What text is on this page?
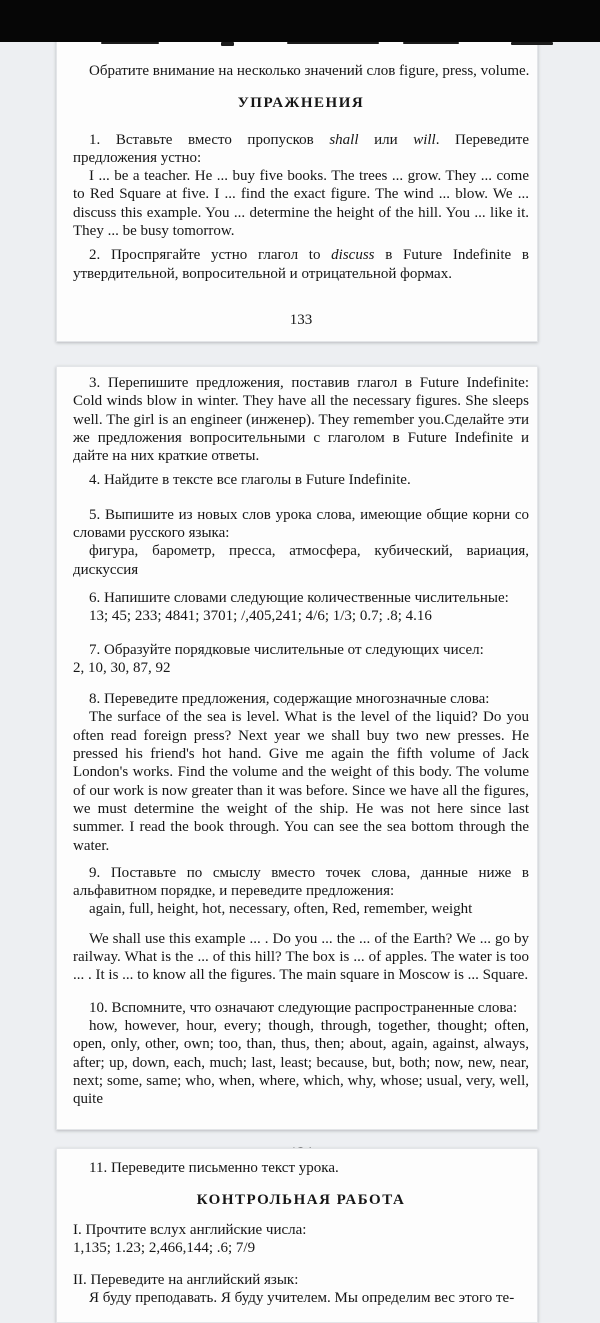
Обратите внимание на несколько значений слов figure, press, volume.

УПРАЖНЕНИЯ

1. Вставьте вместо пропусков shall или will. Переведите предложения устно:

I ... be a teacher. He ... buy five books. The trees ... grow. They ... come to Red Square at five. I ... find the exact figure. The wind ... blow. We ... discuss this example. You ... determine the height of the hill. You ... like it. They ... be busy tomorrow.

2. Проспрягайте устно глагол to discuss в Future Indefinite в утвердительной, вопросительной и отрицательной формах.

133

3. Перепишите предложения, поставив глагол в Future Indefinite: Cold winds blow in winter. They have all the necessary figures. She sleeps well. The girl is an engineer (инженер). They remember you.Сделайте эти же предложения вопросительными с глаголом в Future Indefinite и дайте на них краткие ответы.

4. Найдите в тексте все глаголы в Future Indefinite.

5. Выпишите из новых слов урока слова, имеющие общие корни со словами русского языка:

фигура, барометр, пресса, атмосфера, кубический, вариация, дискуссия

6. Напишите словами следующие количественные числительные:

13; 45; 233; 4841; 3701; /,405,241; 4/6; 1/3; 0.7; .8; 4.16

7. Образуйте порядковые числительные от следующих чисел:

2, 10, 30, 87, 92

8. Переведите предложения, содержащие многозначные слова:

The surface of the sea is level. What is the level of the liquid? Do you often read foreign press? Next year we shall buy two new presses. He pressed his friend's hot hand. Give me again the fifth volume of Jack London's works. Find the volume and the weight of this body. The volume of our work is now greater than it was before. Since we have all the figures, we must determine the weight of the ship. He was not here since last summer. I read the book through. You can see the sea bottom through the water.

9. Поставьте по смыслу вместо точек слова, данные ниже в альфавитном порядке, и переведите предложения:

again, full, height, hot, necessary, often, Red, remember, weight

We shall use this example ... . Do you ... the ... of the Earth? We ... go by railway. What is the ... of this hill? The box is ... of apples. The water is too ... . It is ... to know all the figures. The main square in Moscow is ... Square.

10. Вспомните, что означают следующие распространенные слова:

how, however, hour, every; though, through, together, thought; often, open, only, other, own; too, than, thus, then; about, again, against, always, after; up, down, each, much; last, least; because, but, both; now, new, near, next; some, same; who, when, where, which, why, whose; usual, very, well, quite

11. Переведите письменно текст урока.

КОНТРОЛЬНАЯ РАБОТА

I. Прочтите вслух английские числа:

1,135; 1.23; 2,466,144; .6; 7/9

II. Переведите на английский язык:

Я буду преподавать. Я буду учителем. Мы определим вес этого те-
